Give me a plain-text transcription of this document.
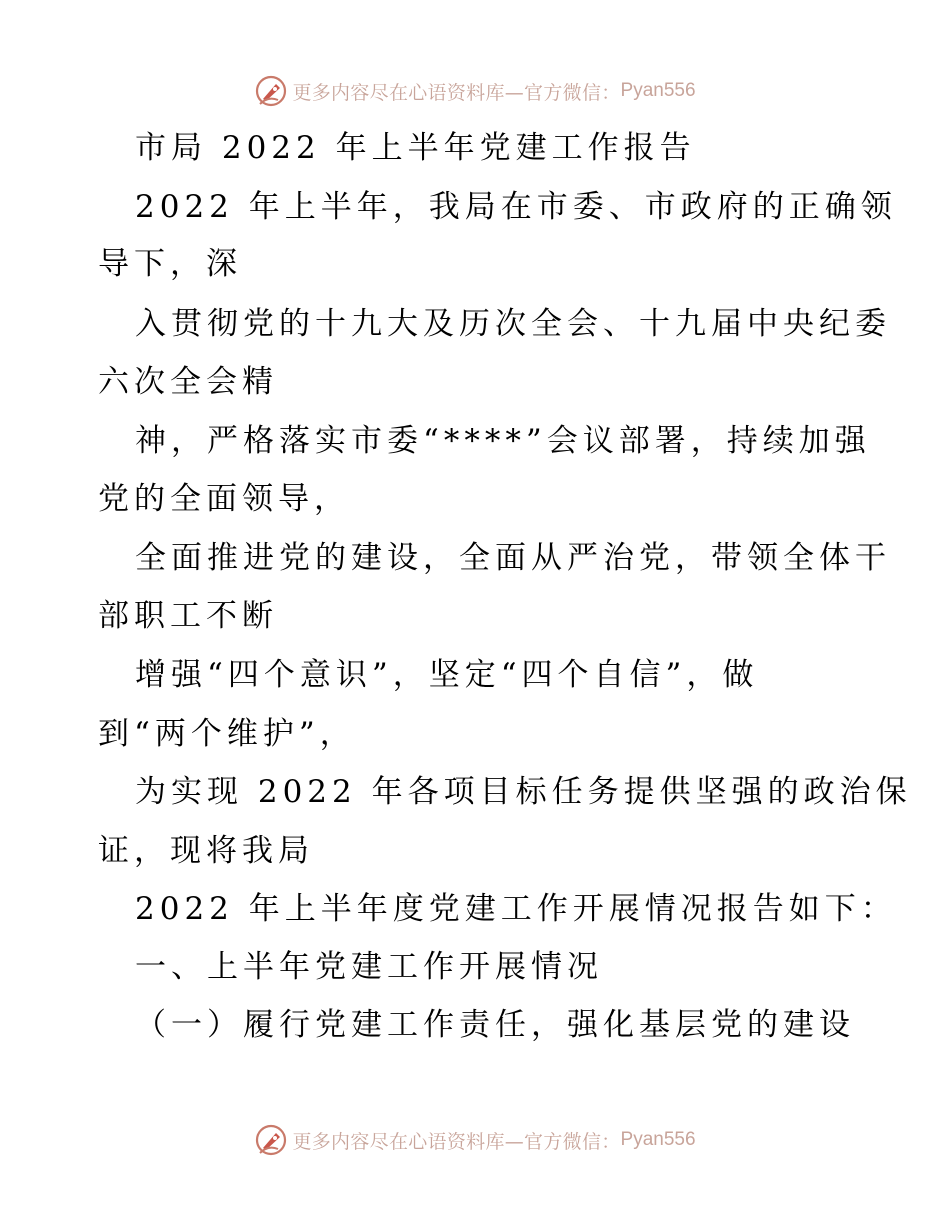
更多内容尽在心语资料库—官方微信： Pyan556
市局 2022 年上半年党建工作报告
2022 年上半年，我局在市委、市政府的正确领
导下，深
入贯彻党的十九大及历次全会、十九届中央纪委
六次全会精
神，严格落实市委“****”会议部署，持续加强
党的全面领导，
全面推进党的建设，全面从严治党，带领全体干
部职工不断
增强“四个意识”，坚定“四个自信”，做
到“两个维护”，
为实现 2022 年各项目标任务提供坚强的政治保
证，现将我局
2022 年上半年度党建工作开展情况报告如下：
一、上半年党建工作开展情况
（一）履行党建工作责任，强化基层党的建设
更多内容尽在心语资料库—官方微信： Pyan556
